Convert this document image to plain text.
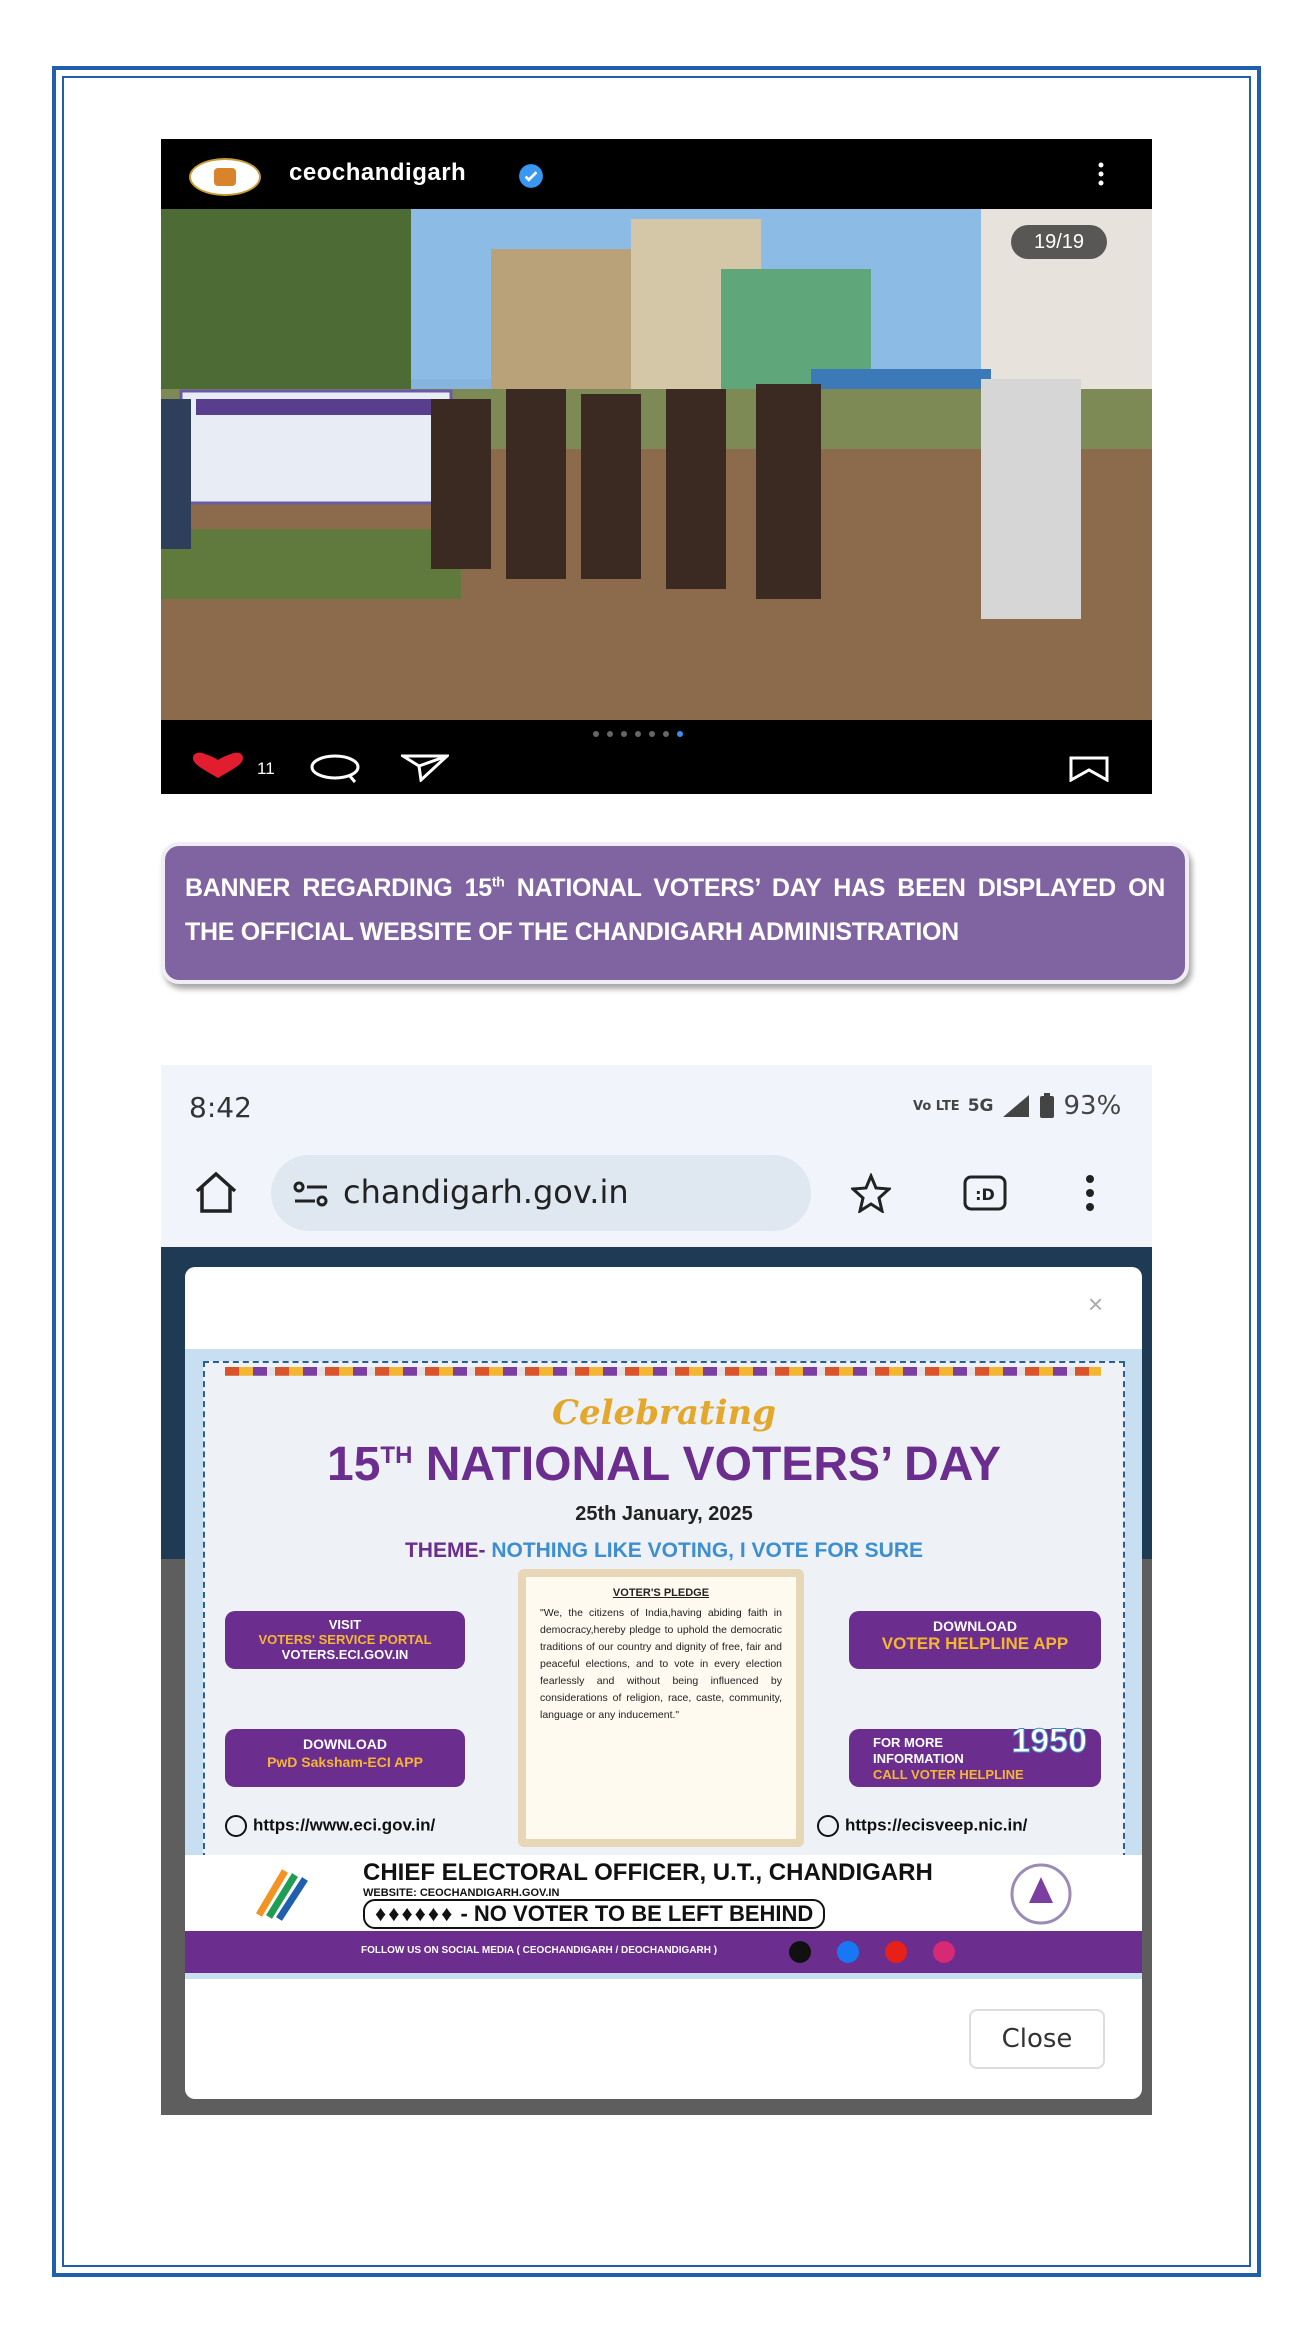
ceochandigarh
19/19
11
BANNER REGARDING 15th NATIONAL VOTERS’ DAY HAS BEEN DISPLAYED ON THE OFFICIAL WEBSITE OF THE CHANDIGARH ADMINISTRATION
8:42	Vo LTE 5G	93%
chandigarh.gov.in	:D
×
Celebrating
15TH NATIONAL VOTERS’ DAY
25th January, 2025
THEME- NOTHING LIKE VOTING, I VOTE FOR SURE
VISIT
VOTERS' SERVICE PORTAL
VOTERS.ECI.GOV.IN
DOWNLOAD
VOTER HELPLINE APP
DOWNLOAD
PwD Saksham-ECI APP
FOR MORE
INFORMATION
CALL VOTER HELPLINE
1950
VOTER'S PLEDGE
"We, the citizens of India,having abiding faith in democracy,hereby pledge to uphold the democratic traditions of our country and dignity of free, fair and peaceful elections, and to vote in every election fearlessly and without being influenced by considerations of religion, race, caste, community, language or any inducement."
https://www.eci.gov.in/	https://ecisveep.nic.in/
CHIEF ELECTORAL OFFICER, U.T., CHANDIGARH
WEBSITE: CEOCHANDIGARH.GOV.IN
♦♦♦♦♦♦ - NO VOTER TO BE LEFT BEHIND
FOLLOW US ON SOCIAL MEDIA ( CEOCHANDIGARH / DEOCHANDIGARH )
Close
